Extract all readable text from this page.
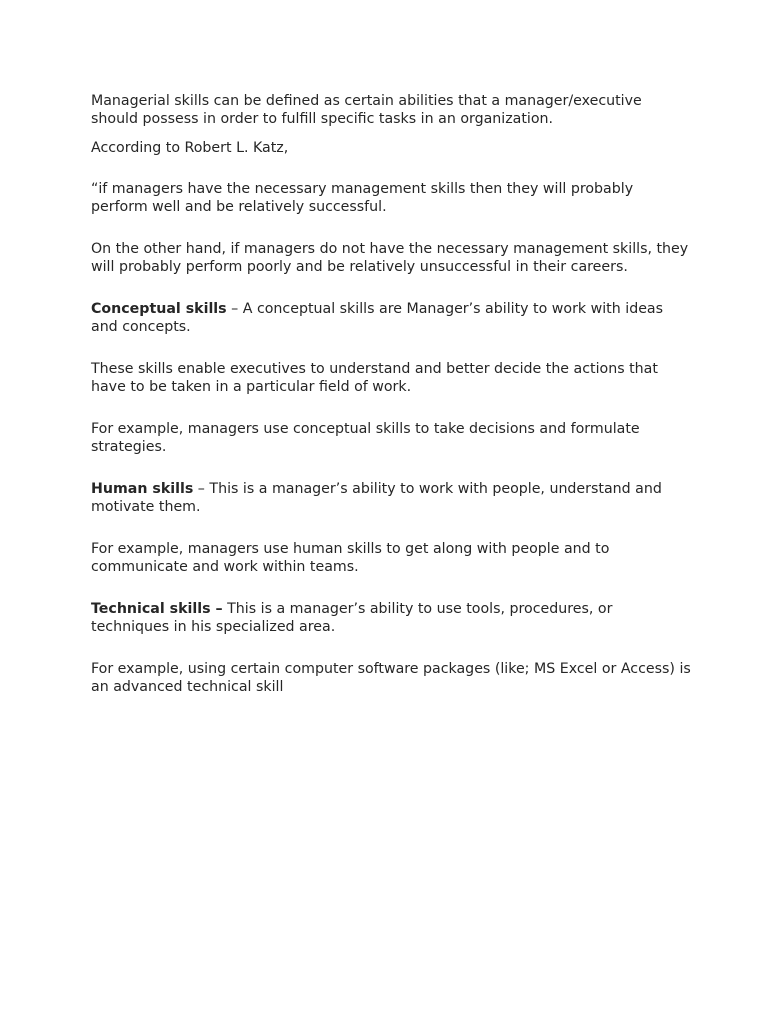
Managerial skills can be defined as certain abilities that a manager/executive should possess in order to fulfill specific tasks in an organization.

According to Robert L. Katz,

“if managers have the necessary management skills then they will probably perform well and be relatively successful.

On the other hand, if managers do not have the necessary management skills, they will probably perform poorly and be relatively unsuccessful in their careers.

Conceptual skills – A conceptual skills are Manager’s ability to work with ideas and concepts.

These skills enable executives to understand and better decide the actions that have to be taken in a particular field of work.

For example, managers use conceptual skills to take decisions and formulate strategies.

Human skills – This is a manager’s ability to work with people, understand and motivate them.

For example, managers use human skills to get along with people and to communicate and work within teams.

Technical skills – This is a manager’s ability to use tools, procedures, or techniques in his specialized area.

For example, using certain computer software packages (like; MS Excel or Access) is an advanced technical skill
